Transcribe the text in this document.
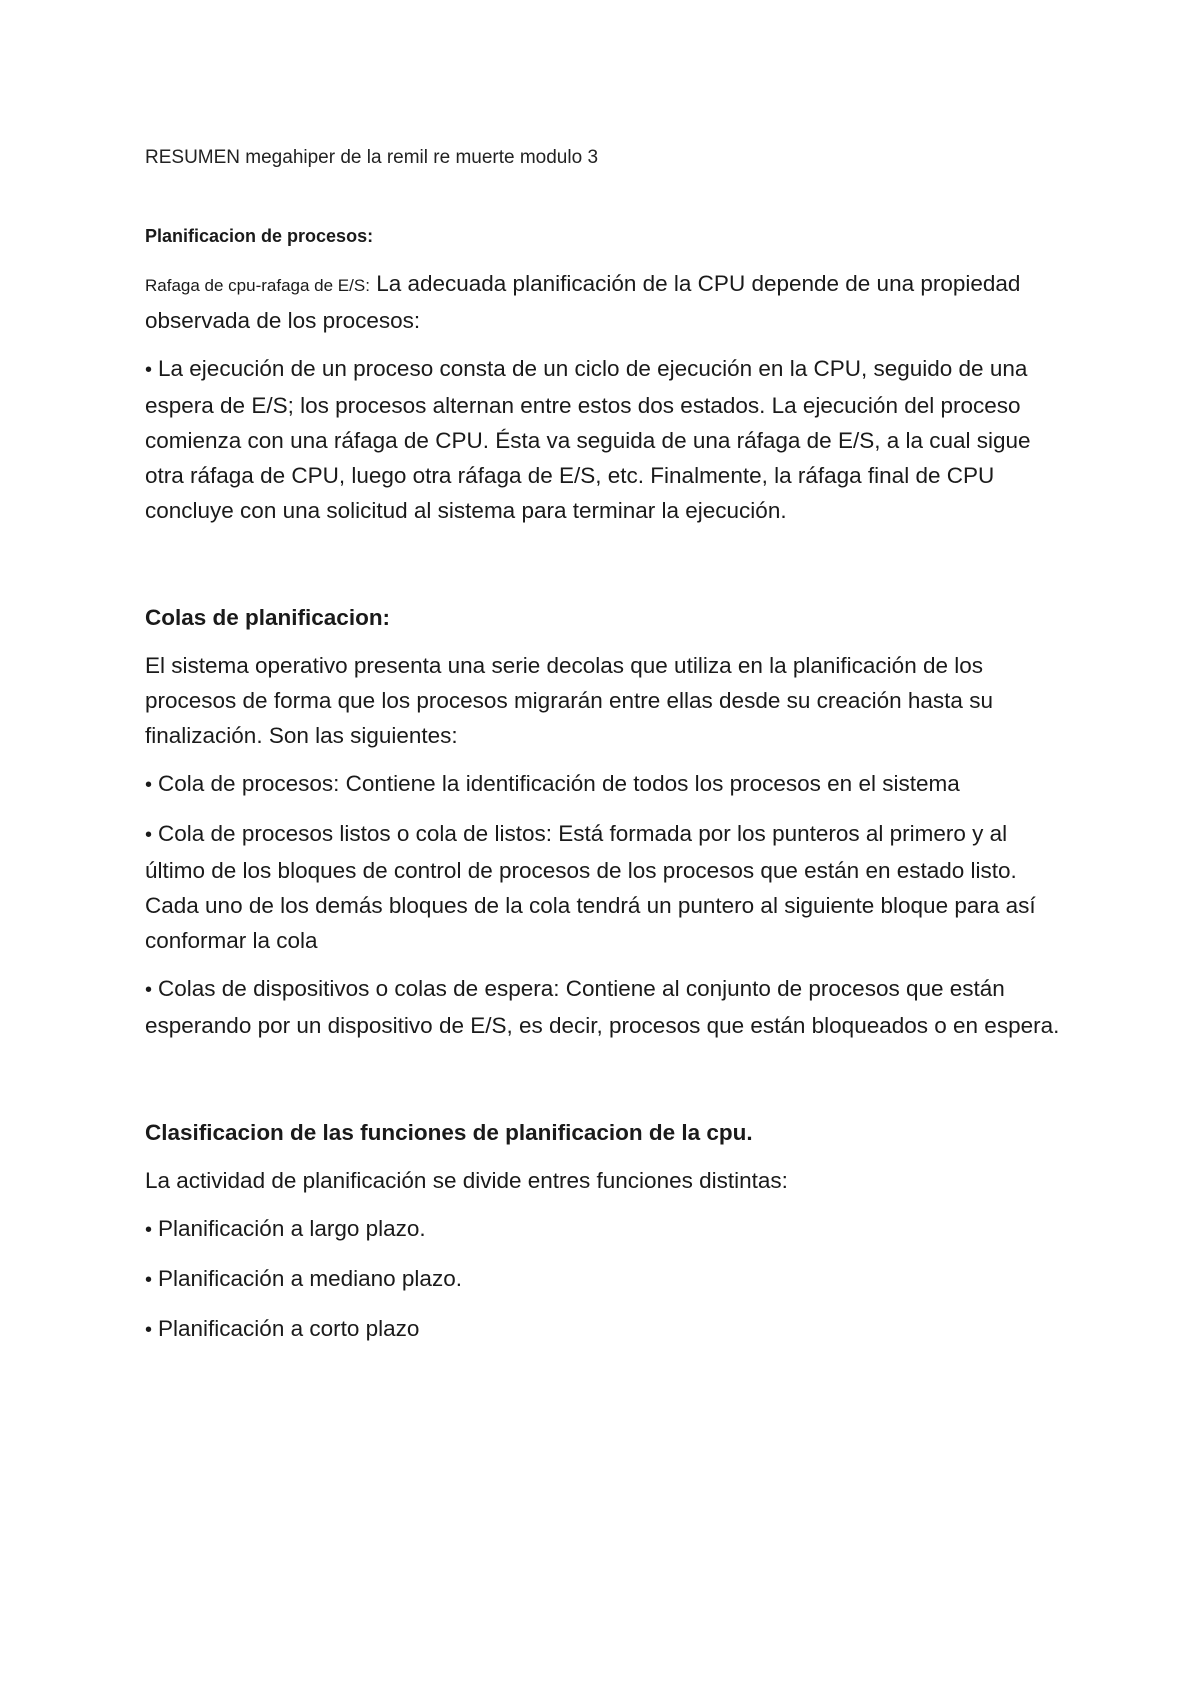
RESUMEN megahiper de la remil re muerte modulo 3
Planificacion de procesos:

Rafaga de cpu-rafaga de E/S: La adecuada planificación de la CPU depende de una propiedad observada de los procesos:

• La ejecución de un proceso consta de un ciclo de ejecución en la CPU, seguido de una espera de E/S; los procesos alternan entre estos dos estados. La ejecución del proceso comienza con una ráfaga de CPU. Ésta va seguida de una ráfaga de E/S, a la cual sigue otra ráfaga de CPU, luego otra ráfaga de E/S, etc. Finalmente, la ráfaga final de CPU concluye con una solicitud al sistema para terminar la ejecución.

Colas de planificacion:

El sistema operativo presenta una serie decolas que utiliza en la planificación de los procesos de forma que los procesos migrarán entre ellas desde su creación hasta su finalización. Son las siguientes:

• Cola de procesos: Contiene la identificación de todos los procesos en el sistema

• Cola de procesos listos o cola de listos: Está formada por los punteros al primero y al último de los bloques de control de procesos de los procesos que están en estado listo. Cada uno de los demás bloques de la cola tendrá un puntero al siguiente bloque para así conformar la cola

• Colas de dispositivos o colas de espera: Contiene al conjunto de procesos que están esperando por un dispositivo de E/S, es decir, procesos que están bloqueados o en espera.

Clasificacion de las funciones de planificacion de la cpu.

La actividad de planificación se divide entres funciones distintas:

• Planificación a largo plazo.

• Planificación a mediano plazo.

• Planificación a corto plazo
